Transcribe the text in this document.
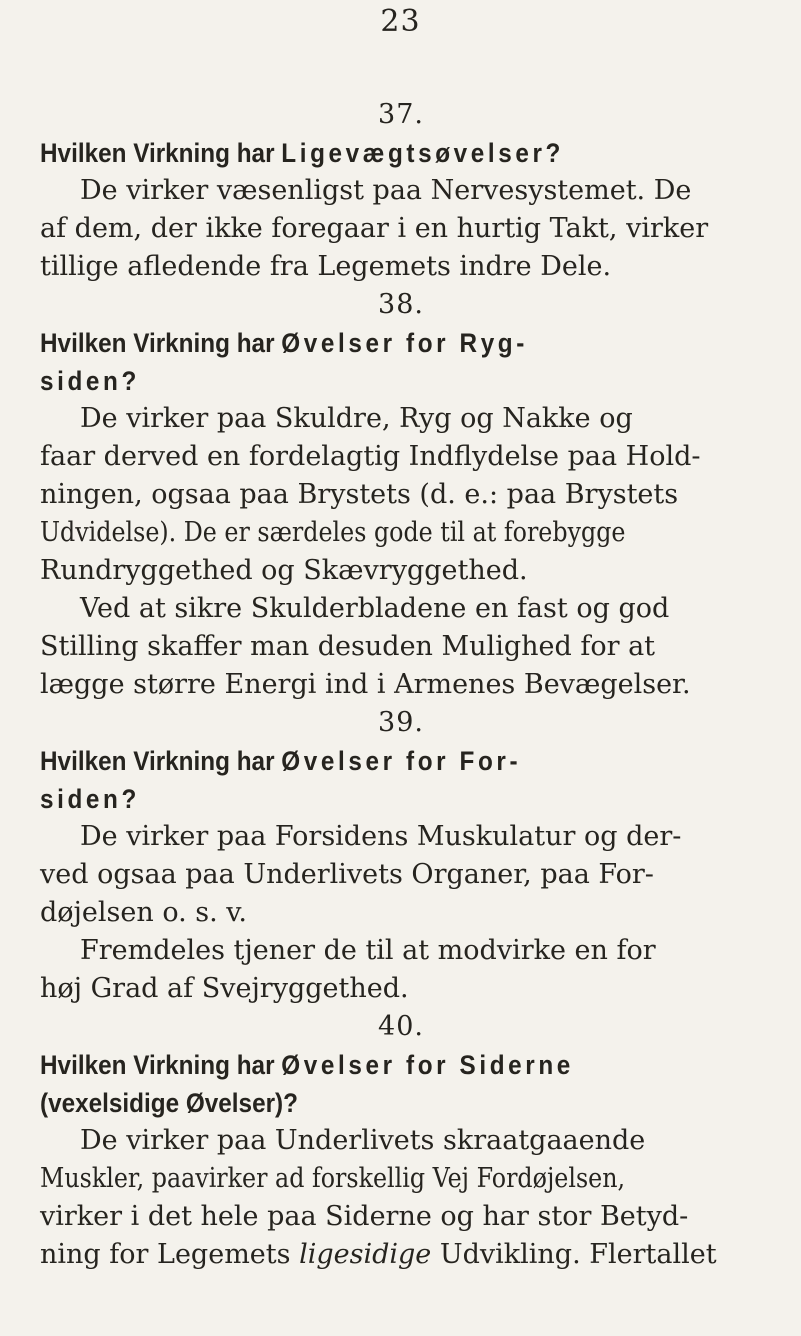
23
37.
Hvilken Virkning har Ligevægtsøvelser?
De virker væsenligst paa Nervesystemet. De
af dem, der ikke foregaar i en hurtig Takt, virker
tillige afledende fra Legemets indre Dele.
38.
Hvilken Virkning har Øvelser for Ryg-
siden?
De virker paa Skuldre, Ryg og Nakke og
faar derved en fordelagtig Indflydelse paa Hold-
ningen, ogsaa paa Brystets (d. e.: paa Brystets
Udvidelse). De er særdeles gode til at forebygge
Rundryggethed og Skævryggethed.
Ved at sikre Skulderbladene en fast og god
Stilling skaffer man desuden Mulighed for at
lægge større Energi ind i Armenes Bevægelser.
39.
Hvilken Virkning har Øvelser for For-
siden?
De virker paa Forsidens Muskulatur og der-
ved ogsaa paa Underlivets Organer, paa For-
døjelsen o. s. v.
Fremdeles tjener de til at modvirke en for
høj Grad af Svejryggethed.
40.
Hvilken Virkning har Øvelser for Siderne
(vexelsidige Øvelser)?
De virker paa Underlivets skraatgaaende
Muskler, paavirker ad forskellig Vej Fordøjelsen,
virker i det hele paa Siderne og har stor Betyd-
ning for Legemets ligesidige Udvikling. Flertallet
